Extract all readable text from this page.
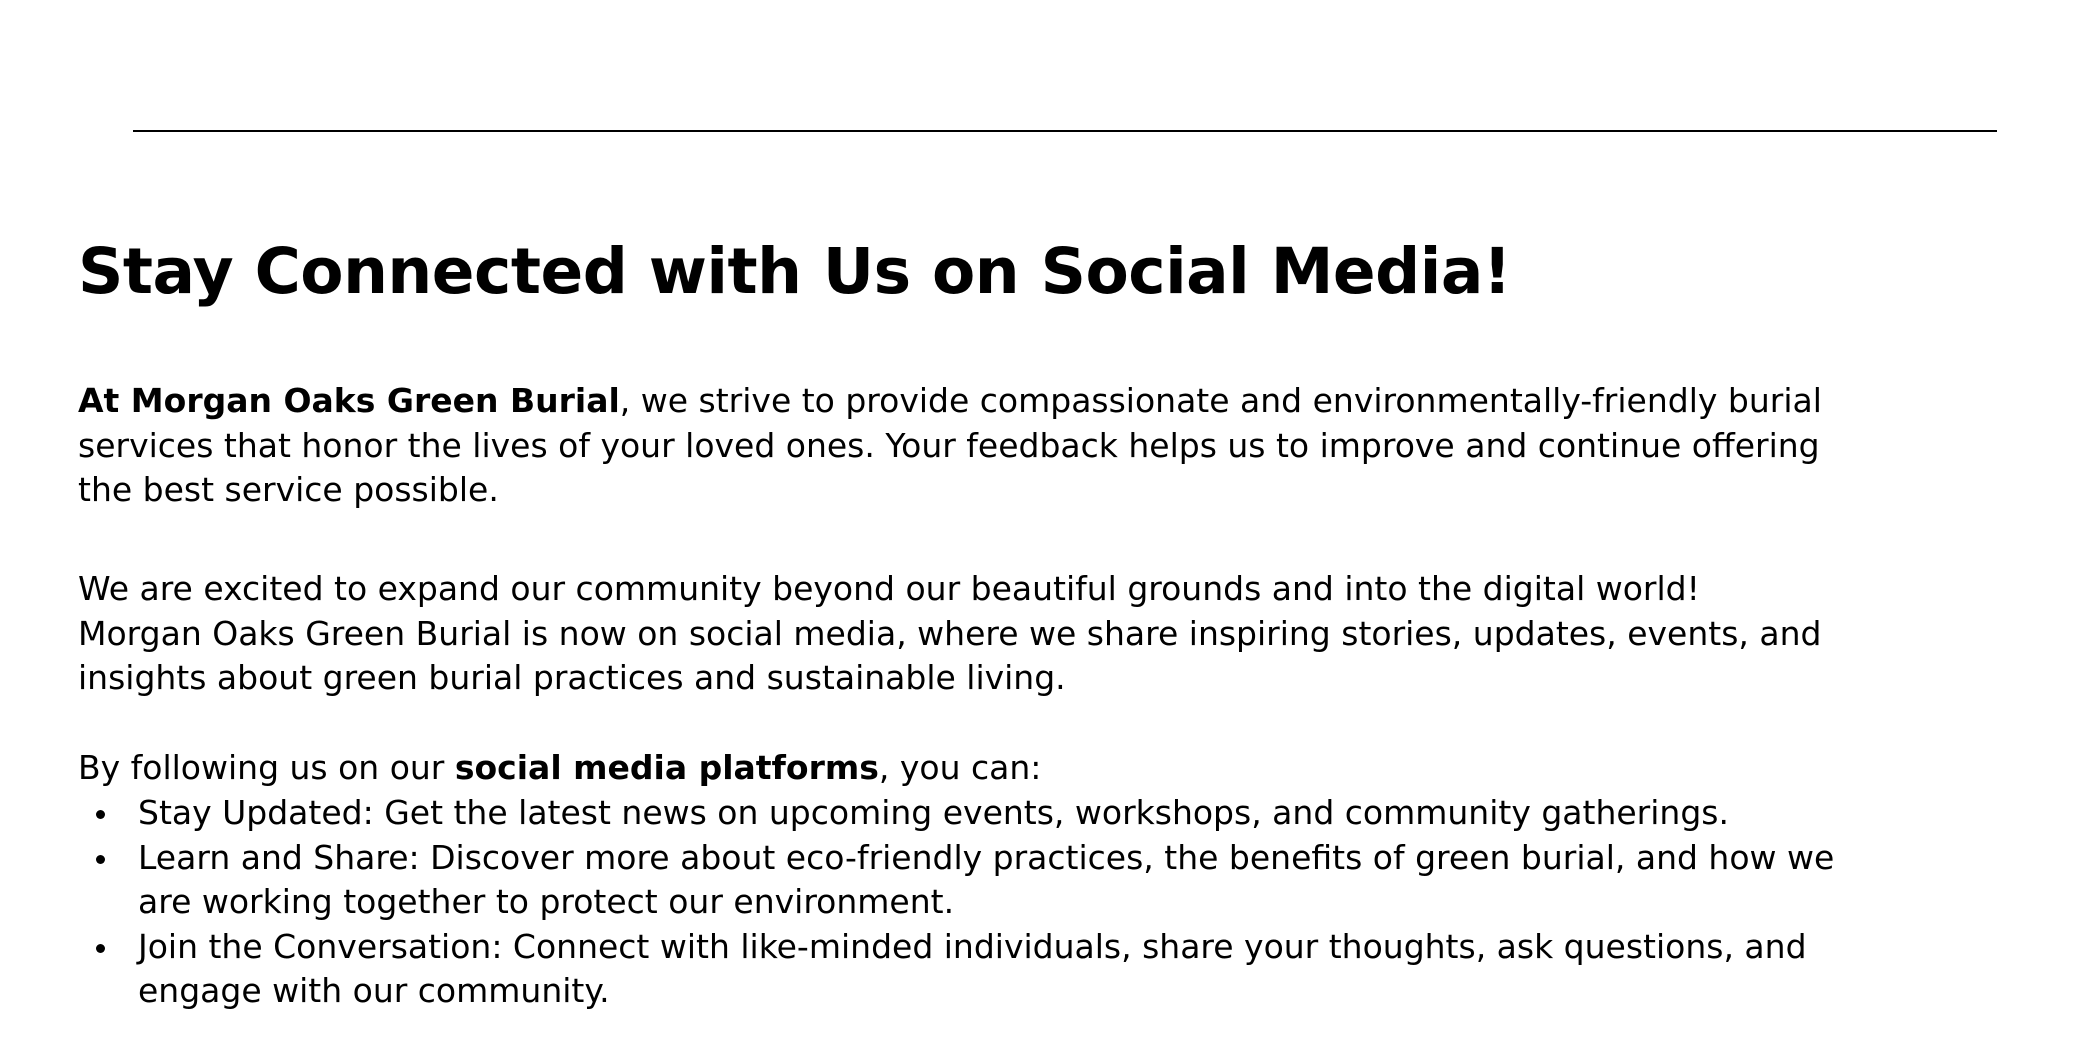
Stay Connected with Us on Social Media!

At Morgan Oaks Green Burial, we strive to provide compassionate and environmentally-friendly burial
services that honor the lives of your loved ones. Your feedback helps us to improve and continue offering
the best service possible.

We are excited to expand our community beyond our beautiful grounds and into the digital world!
Morgan Oaks Green Burial is now on social media, where we share inspiring stories, updates, events, and
insights about green burial practices and sustainable living.

By following us on our social media platforms, you can:

Stay Updated: Get the latest news on upcoming events, workshops, and community gatherings.
Learn and Share: Discover more about eco-friendly practices, the benefits of green burial, and how we
are working together to protect our environment.
Join the Conversation: Connect with like-minded individuals, share your thoughts, ask questions, and
engage with our community.
